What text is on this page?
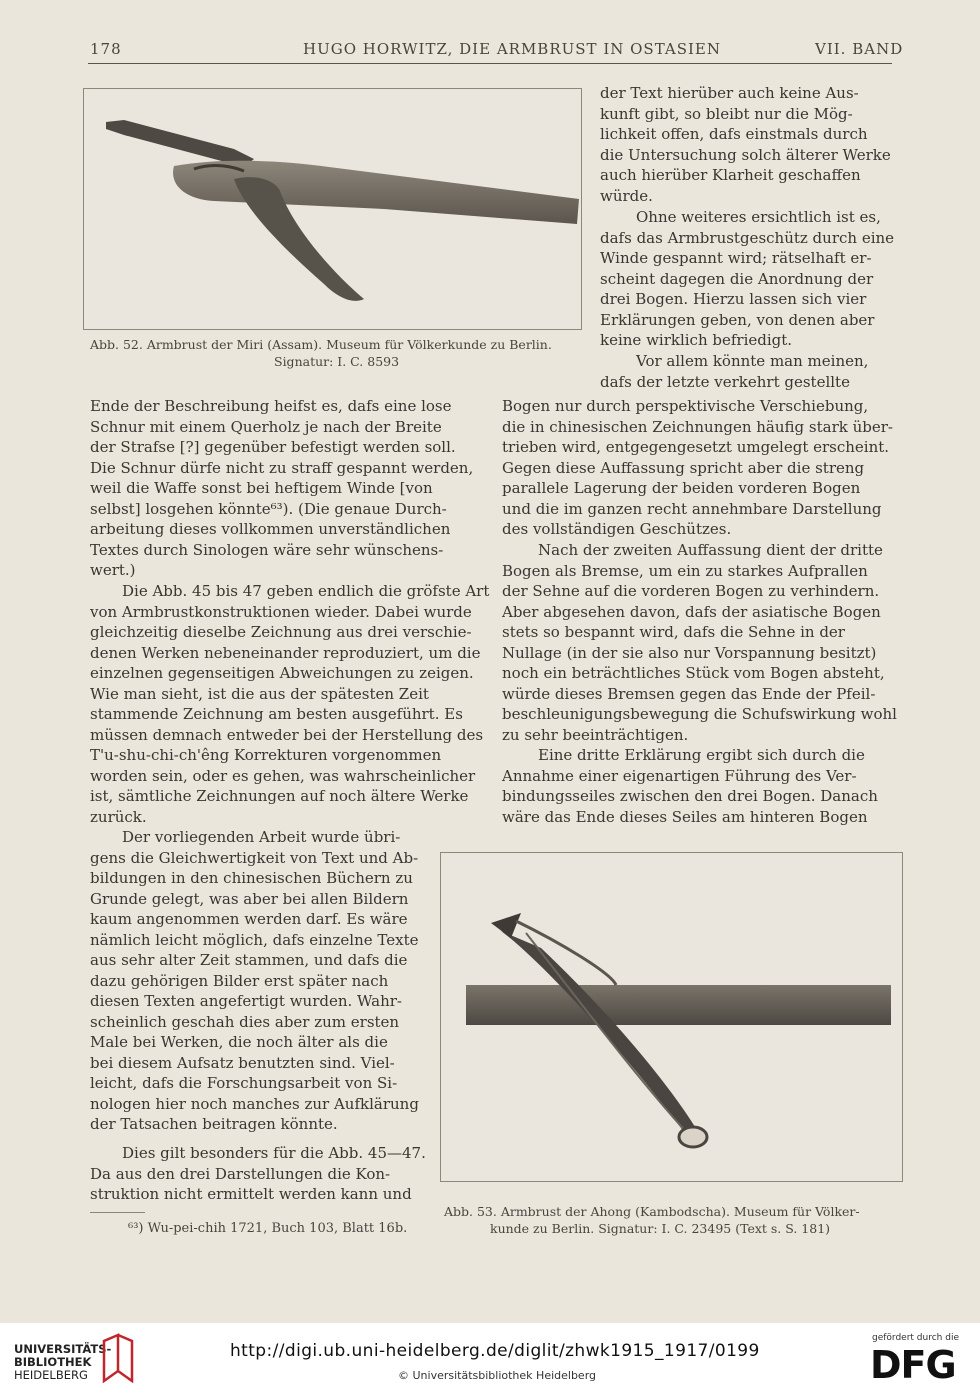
178	HUGO HORWITZ, DIE ARMBRUST IN OSTASIEN	VII. BAND
Abb. 52. Armbrust der Miri (Assam). Museum für Völkerkunde zu Berlin.
Signatur: I. C. 8593
der Text hierüber auch keine Aus-
kunft gibt, so bleibt nur die Mög-
lichkeit offen, dafs einstmals durch
die Untersuchung solch älterer Werke
auch hierüber Klarheit geschaffen
würde.
Ohne weiteres ersichtlich ist es,
dafs das Armbrustgeschütz durch eine
Winde gespannt wird; rätselhaft er-
scheint dagegen die Anordnung der
drei Bogen. Hierzu lassen sich vier
Erklärungen geben, von denen aber
keine wirklich befriedigt.
Vor allem könnte man meinen,
dafs der letzte verkehrt gestellte
Ende der Beschreibung heifst es, dafs eine lose
Schnur mit einem Querholz je nach der Breite
der Strafse [?] gegenüber befestigt werden soll.
Die Schnur dürfe nicht zu straff gespannt werden,
weil die Waffe sonst bei heftigem Winde [von
selbst] losgehen könnte⁶³). (Die genaue Durch-
arbeitung dieses vollkommen unverständlichen
Textes durch Sinologen wäre sehr wünschens-
wert.)
Die Abb. 45 bis 47 geben endlich die gröfste Art
von Armbrustkonstruktionen wieder. Dabei wurde
gleichzeitig dieselbe Zeichnung aus drei verschie-
denen Werken nebeneinander reproduziert, um die
einzelnen gegenseitigen Abweichungen zu zeigen.
Wie man sieht, ist die aus der spätesten Zeit
stammende Zeichnung am besten ausgeführt. Es
müssen demnach entweder bei der Herstellung des
T'u-shu-chi-ch'êng Korrekturen vorgenommen
worden sein, oder es gehen, was wahrscheinlicher
ist, sämtliche Zeichnungen auf noch ältere Werke
zurück.
Der vorliegenden Arbeit wurde übri-
gens die Gleichwertigkeit von Text und Ab-
bildungen in den chinesischen Büchern zu
Grunde gelegt, was aber bei allen Bildern
kaum angenommen werden darf. Es wäre
nämlich leicht möglich, dafs einzelne Texte
aus sehr alter Zeit stammen, und dafs die
dazu gehörigen Bilder erst später nach
diesen Texten angefertigt wurden. Wahr-
scheinlich geschah dies aber zum ersten
Male bei Werken, die noch älter als die
bei diesem Aufsatz benutzten sind. Viel-
leicht, dafs die Forschungsarbeit von Si-
nologen hier noch manches zur Aufklärung
der Tatsachen beitragen könnte.
Dies gilt besonders für die Abb. 45—47.
Da aus den drei Darstellungen die Kon-
struktion nicht ermittelt werden kann und
⁶³) Wu-pei-chih 1721, Buch 103, Blatt 16b.
Bogen nur durch perspektivische Verschiebung,
die in chinesischen Zeichnungen häufig stark über-
trieben wird, entgegengesetzt umgelegt erscheint.
Gegen diese Auffassung spricht aber die streng
parallele Lagerung der beiden vorderen Bogen
und die im ganzen recht annehmbare Darstellung
des vollständigen Geschützes.
Nach der zweiten Auffassung dient der dritte
Bogen als Bremse, um ein zu starkes Aufprallen
der Sehne auf die vorderen Bogen zu verhindern.
Aber abgesehen davon, dafs der asiatische Bogen
stets so bespannt wird, dafs die Sehne in der
Nullage (in der sie also nur Vorspannung besitzt)
noch ein beträchtliches Stück vom Bogen absteht,
würde dieses Bremsen gegen das Ende der Pfeil-
beschleunigungsbewegung die Schufswirkung wohl
zu sehr beeinträchtigen.
Eine dritte Erklärung ergibt sich durch die
Annahme einer eigenartigen Führung des Ver-
bindungsseiles zwischen den drei Bogen. Danach
wäre das Ende dieses Seiles am hinteren Bogen
Abb. 53. Armbrust der Ahong (Kambodscha). Museum für Völker-
kunde zu Berlin. Signatur: I. C. 23495 (Text s. S. 181)
UNIVERSITÄTS-
BIBLIOTHEK
HEIDELBERG
http://digi.ub.uni-heidelberg.de/diglit/zhwk1915_1917/0199
© Universitätsbibliothek Heidelberg
gefördert durch die
DFG
